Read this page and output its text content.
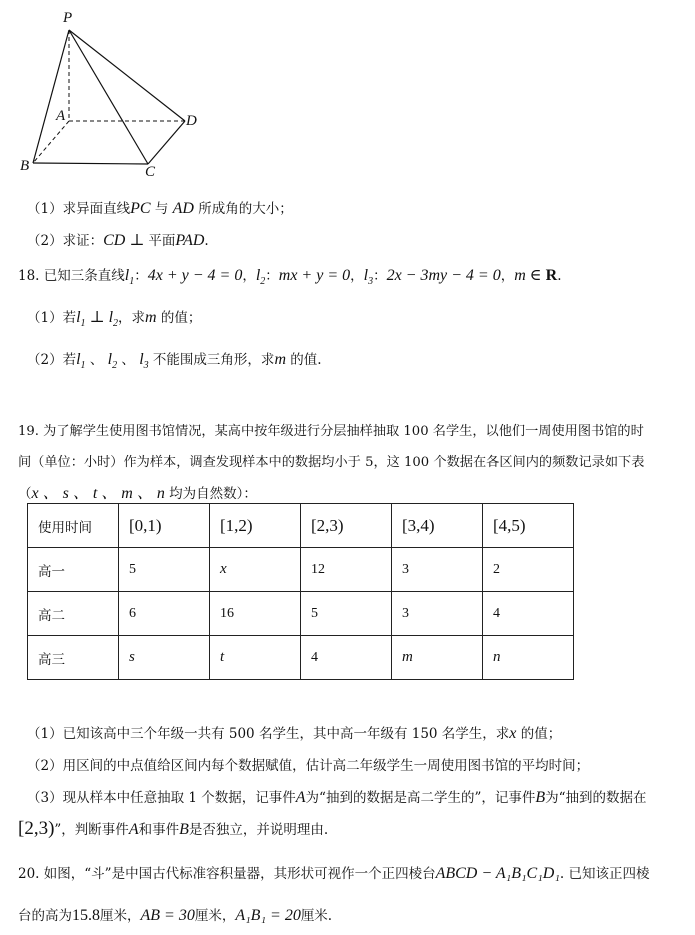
P
A
B	C
D
（1）求异面直线PC 与 AD 所成角的大小；
（2）求证：CD ⊥ 平面PAD.
18. 已知三条直线$l_1$：4x + y − 4 = 0，$l_2$：mx + y = 0，$l_3$：2x − 3my − 4 = 0，m ∈ R.
（1）若$l_1$ ⊥ $l_2$，求m 的值；
（2）若$l_1$ 、 $l_2$ 、 $l_3$ 不能围成三角形，求m 的值.
19. 为了解学生使用图书馆情况，某高中按年级进行分层抽样抽取 100 名学生，以他们一周使用图书馆的时
间（单位：小时）作为样本，调查发现样本中的数据均小于 5，这 100 个数据在各区间内的频数记录如下表
（x 、 s 、 t 、 m 、 n 均为自然数）：
使用时间	[0,1)	[1,2)	[2,3)	[3,4)	[4,5)
高一	5	x	12	3	2
高二	6	16	5	3	4
高三	s	t	4	m	n
（1）已知该高中三个年级一共有 500 名学生，其中高一年级有 150 名学生，求x 的值；
（2）用区间的中点值给区间内每个数据赋值，估计高二年级学生一周使用图书馆的平均时间；
（3）现从样本中任意抽取 1 个数据，记事件A为“抽到的数据是高二学生的”，记事件B为“抽到的数据在
[2,3)”，判断事件A和事件B是否独立，并说明理由.
20. 如图，“斗”是中国古代标准容积量器，其形状可视作一个正四棱台ABCD − A₁B₁C₁D₁. 已知该正四棱
台的高为15.8厘米，AB = 30厘米，A₁B₁ = 20厘米.
